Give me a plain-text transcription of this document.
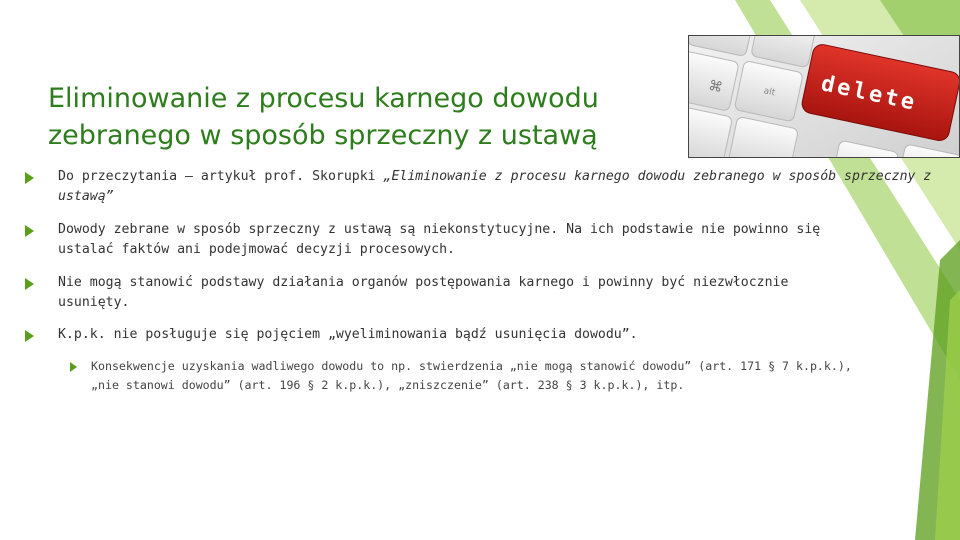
Eliminowanie z procesu karnego dowodu
zebranego w sposób sprzeczny z ustawą
⌘	alt delete
Do przeczytania – artykuł prof. Skorupki „Eliminowanie z procesu karnego dowodu zebranego w sposób sprzeczny z ustawą”
Dowody zebrane w sposób sprzeczny z ustawą są niekonstytucyjne. Na ich podstawie nie powinno się
ustalać faktów ani podejmować decyzji procesowych.
Nie mogą stanowić podstawy działania organów postępowania karnego i powinny być niezwłocznie
usunięty.
K.p.k. nie posługuje się pojęciem „wyeliminowania bądź usunięcia dowodu”.
Konsekwencje uzyskania wadliwego dowodu to np. stwierdzenia „nie mogą stanowić dowodu” (art. 171 § 7 k.p.k.),
„nie stanowi dowodu” (art. 196 § 2 k.p.k.), „zniszczenie” (art. 238 § 3 k.p.k.), itp.
